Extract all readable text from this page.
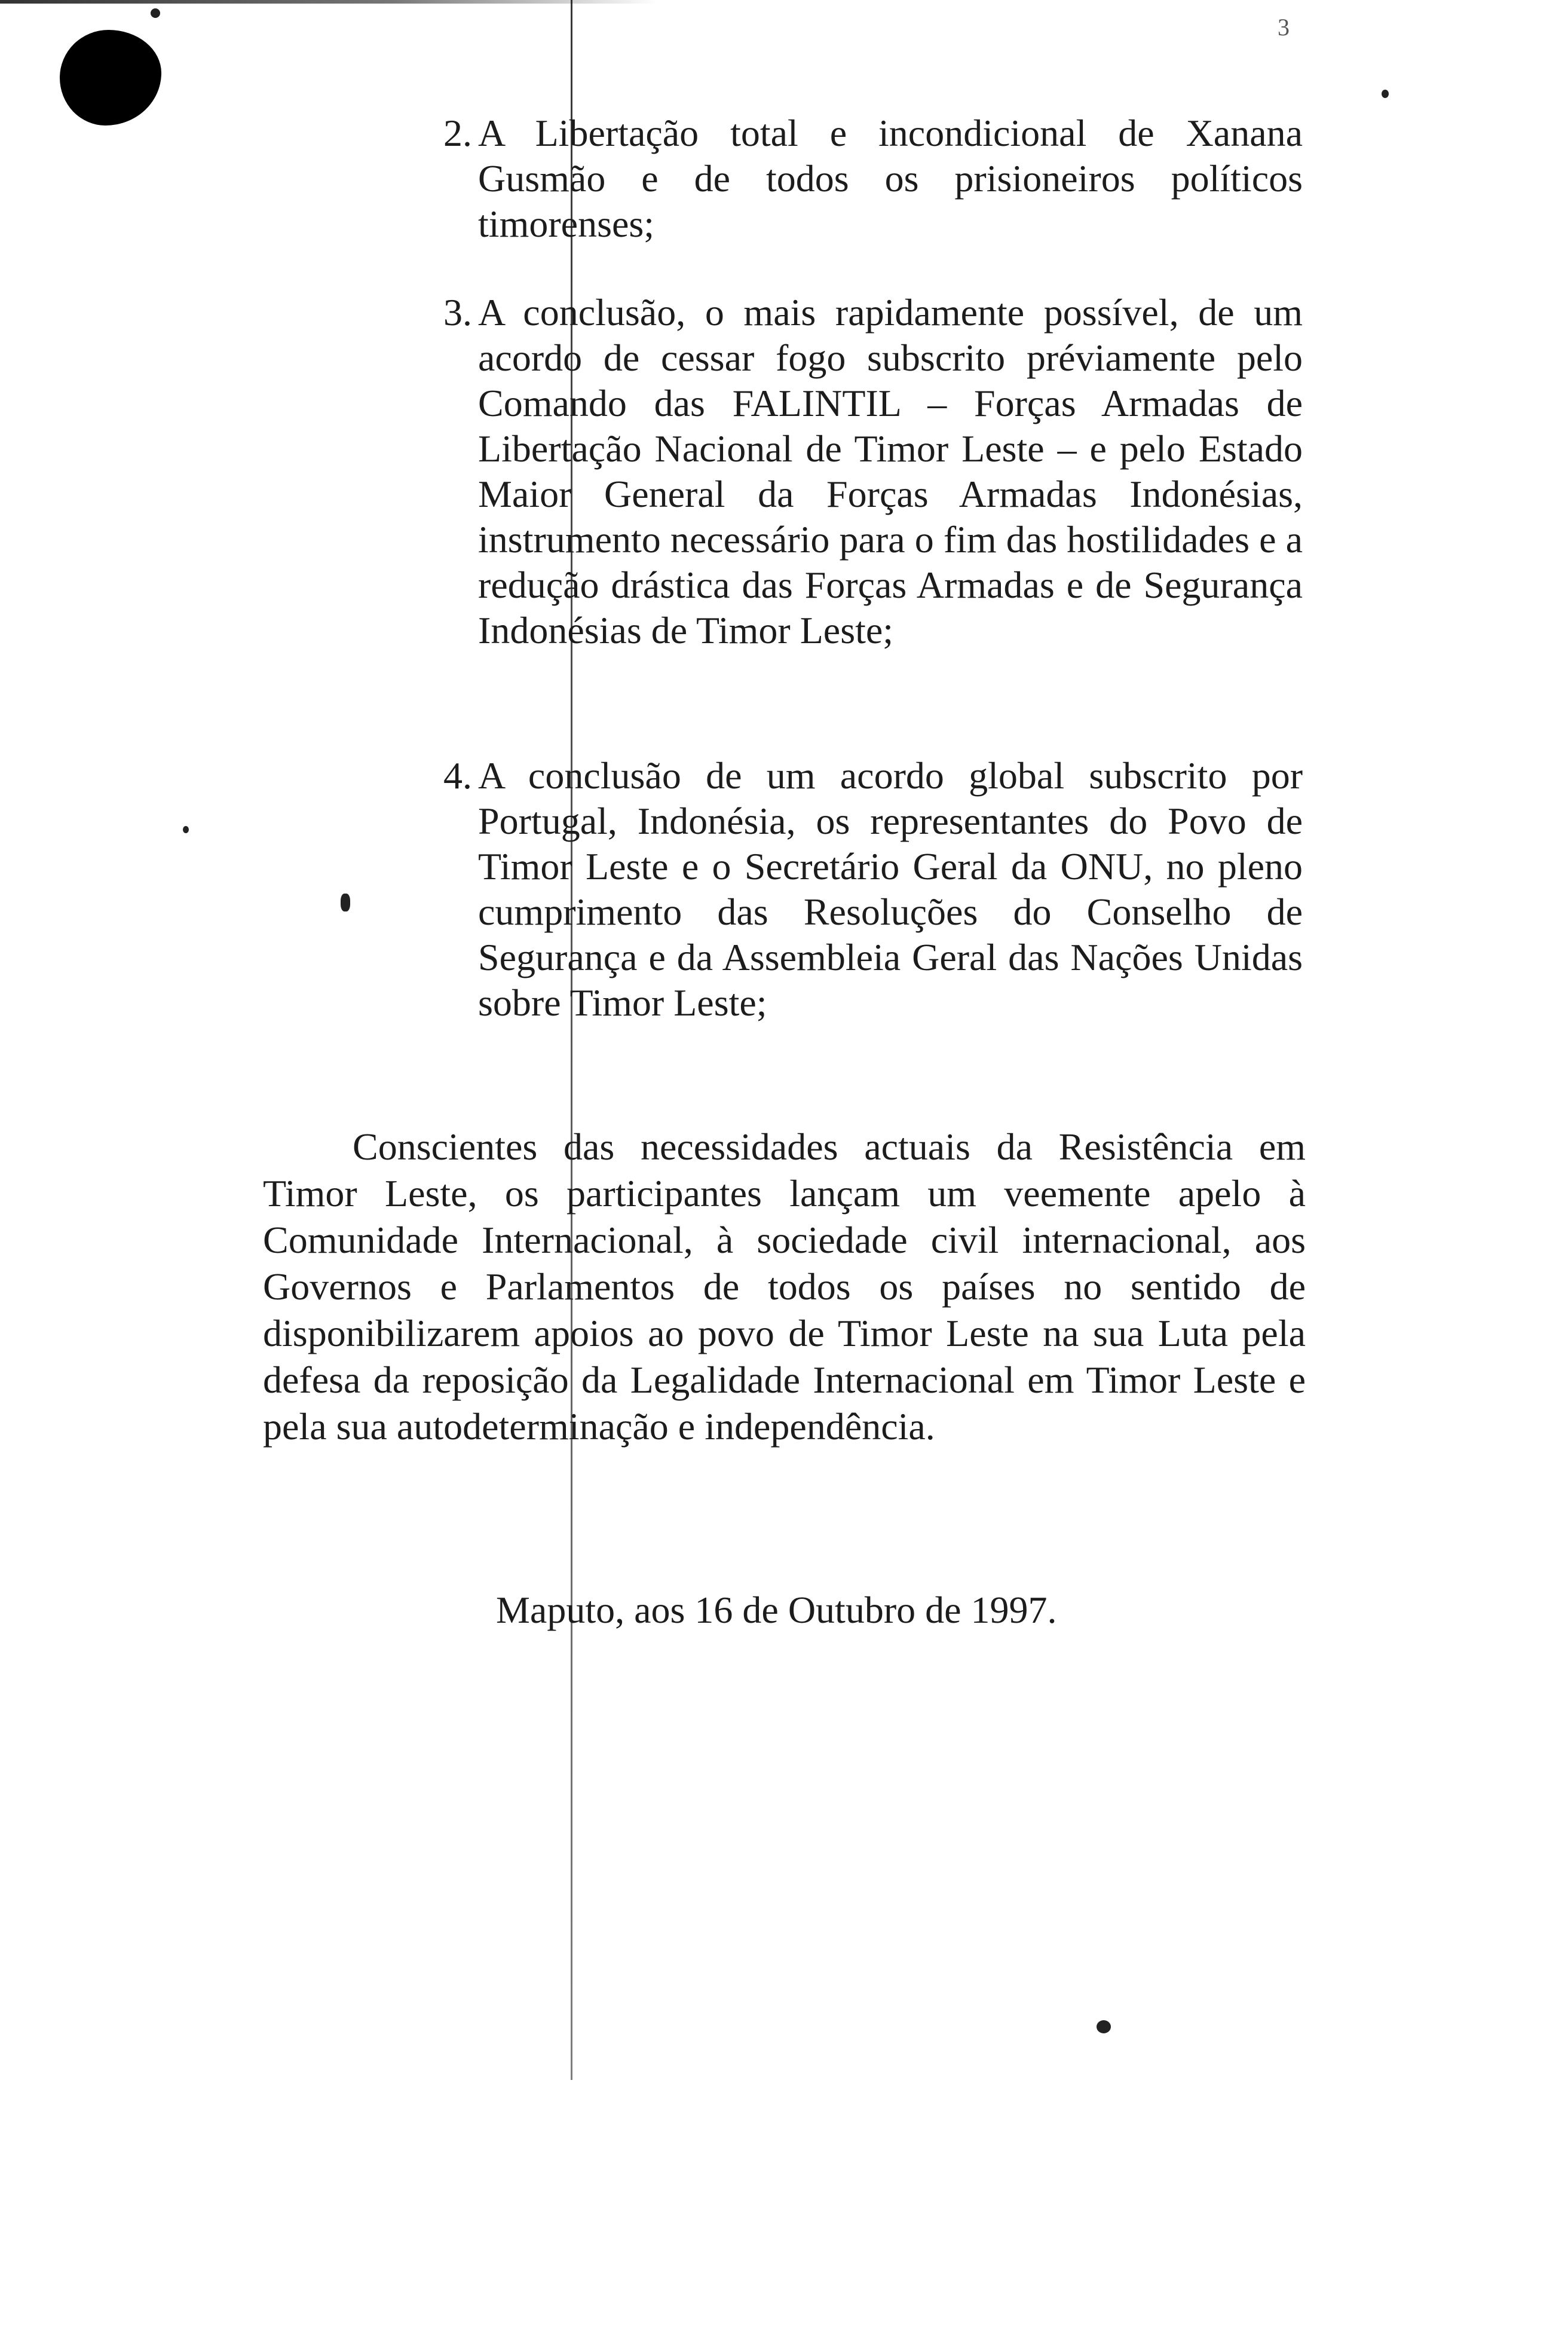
3
2. A Libertação total e incondicional de Xanana Gusmão e de todos os prisioneiros políticos timorenses;
3. A conclusão, o mais rapidamente possível, de um acordo de cessar fogo subscrito préviamente pelo Comando das FALINTIL – Forças Armadas de Libertação Nacional de Timor Leste – e pelo Estado Maior General da Forças Armadas Indonésias, instrumento necessário para o fim das hostilidades e a redução drástica das Forças Armadas e de Segurança Indonésias de Timor Leste;
4. A conclusão de um acordo global subscrito por Portugal, Indonésia, os representantes do Povo de Timor Leste e o Secretário Geral da ONU, no pleno cumprimento das Resoluções do Conselho de Segurança e da Assembleia Geral das Nações Unidas sobre Timor Leste;
Conscientes das necessidades actuais da Resistência em Timor Leste, os participantes lançam um veemente apelo à Comunidade Internacional, à sociedade civil internacional, aos Governos e Parlamentos de todos os países no sentido de disponibilizarem apoios ao povo de Timor Leste na sua Luta pela defesa da reposição da Legalidade Internacional em Timor Leste e pela sua autodeterminação e independência.
Maputo, aos 16 de Outubro de 1997.
